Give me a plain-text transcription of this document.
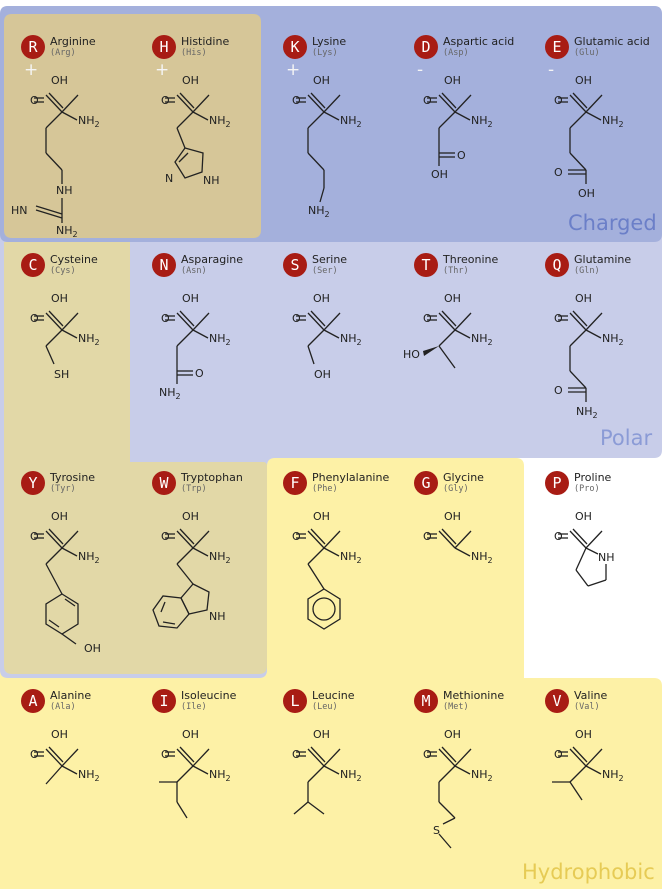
Charged
Polar
Hydrophobic
R	Arginine
(Arg)
+
O
OH
$NH_2$
NH
HN
$NH_2$
H	Histidine
(His)
+
O
OH
$NH_2$
N	NH
K	Lysine
(Lys)
+
O
OH
$NH_2$
$NH_2$
D	Aspartic acid
(Asp)
-
O
OH
$NH_2$
O
OH
E	Glutamic acid
(Glu)
-
O
O
OH
$NH_2$
OH
C	Cysteine
(Cys)
O
OH
$NH_2$
SH
N	Asparagine
(Asn)
O
OH
$NH_2$
O
$NH_2$
S	Serine
(Ser)
O
OH
$NH_2$
OH
T	Threonine
(Thr)
O
OH
$NH_2$
HO
Q	Glutamine
(Gln)
O
O
OH
$NH_2$
$NH_2$
Y	Tyrosine
(Tyr)
O
OH
$NH_2$
OH
W	Tryptophan
(Trp)
O
OH
$NH_2$
NH
F	Phenylalanine
(Phe)
O
OH
$NH_2$
G	Glycine
(Gly)
O
OH
$NH_2$
P	Proline
(Pro)
O
OH
NH
A	Alanine
(Ala)
O
OH
$NH_2$
I	Isoleucine
(Ile)
O
OH
$NH_2$
L	Leucine
(Leu)
O
OH
$NH_2$
M	Methionine
(Met)
O
OH
$NH_2$
S
V	Valine
(Val)
O
OH
$NH_2$
